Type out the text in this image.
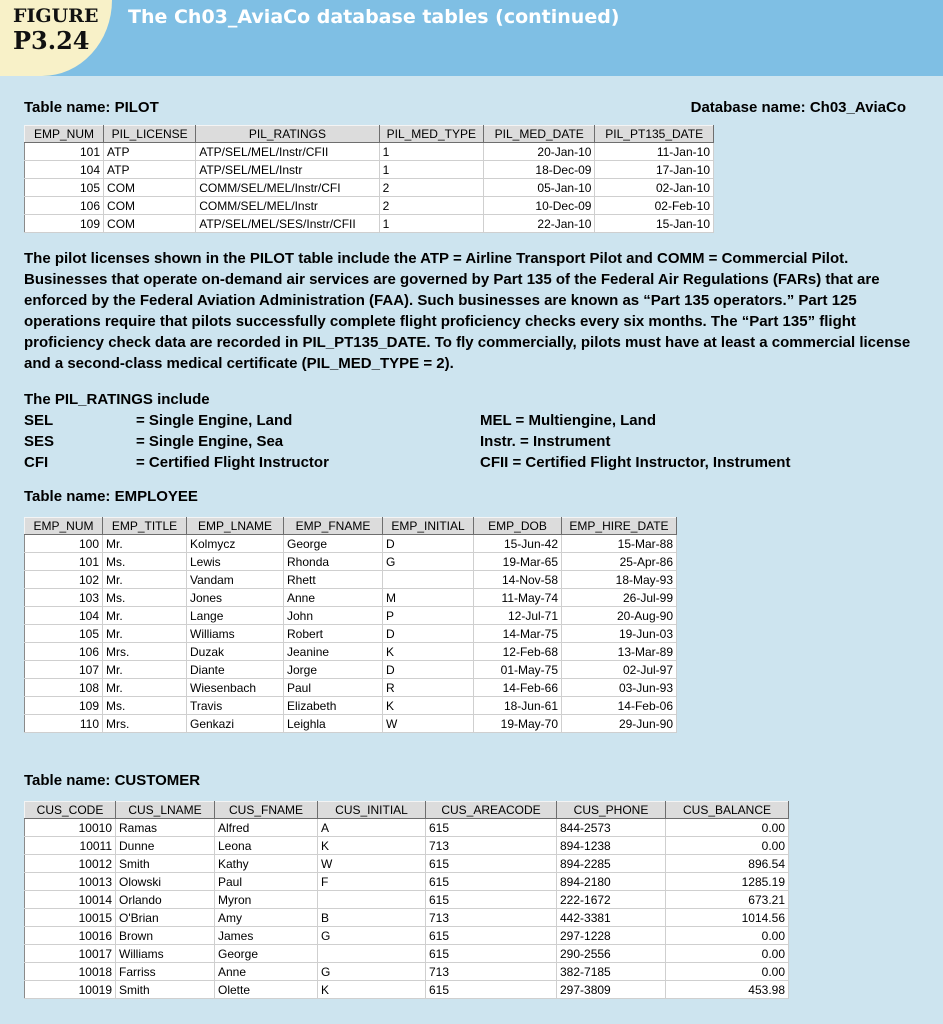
FIGURE
P3.24
The Ch03_AviaCo database tables (continued)
Table name: PILOT	Database name: Ch03_AviaCo
EMP_NUM	PIL_LICENSE	PIL_RATINGS	PIL_MED_TYPE	PIL_MED_DATE	PIL_PT135_DATE
101	ATP	ATP/SEL/MEL/Instr/CFII	1	20-Jan-10	11-Jan-10
104	ATP	ATP/SEL/MEL/Instr	1	18-Dec-09	17-Jan-10
105	COM	COMM/SEL/MEL/Instr/CFI	2	05-Jan-10	02-Jan-10
106	COM	COMM/SEL/MEL/Instr	2	10-Dec-09	02-Feb-10
109	COM	ATP/SEL/MEL/SES/Instr/CFII	1	22-Jan-10	15-Jan-10

The pilot licenses shown in the PILOT table include the ATP = Airline Transport Pilot and COMM = Commercial Pilot. Businesses that operate on-demand air services are governed by Part 135 of the Federal Air Regulations (FARs) that are enforced by the Federal Aviation Administration (FAA). Such businesses are known as “Part 135 operators.” Part 125 operations require that pilots successfully complete flight proficiency checks every six months. The “Part 135” flight proficiency check data are recorded in PIL_PT135_DATE. To fly commercially, pilots must have at least a commercial license and a second-class medical certificate (PIL_MED_TYPE = 2).

The PIL_RATINGS include
SEL	= Single Engine, Land	MEL = Multiengine, Land
SES	= Single Engine, Sea	Instr. = Instrument
CFI	= Certified Flight Instructor	CFII = Certified Flight Instructor, Instrument
Table name: EMPLOYEE
EMP_NUM	EMP_TITLE	EMP_LNAME	EMP_FNAME	EMP_INITIAL	EMP_DOB	EMP_HIRE_DATE
100	Mr.	Kolmycz	George	D	15-Jun-42	15-Mar-88
101	Ms.	Lewis	Rhonda	G	19-Mar-65	25-Apr-86
102	Mr.	Vandam	Rhett		14-Nov-58	18-May-93
103	Ms.	Jones	Anne	M	11-May-74	26-Jul-99
104	Mr.	Lange	John	P	12-Jul-71	20-Aug-90
105	Mr.	Williams	Robert	D	14-Mar-75	19-Jun-03
106	Mrs.	Duzak	Jeanine	K	12-Feb-68	13-Mar-89
107	Mr.	Diante	Jorge	D	01-May-75	02-Jul-97
108	Mr.	Wiesenbach	Paul	R	14-Feb-66	03-Jun-93
109	Ms.	Travis	Elizabeth	K	18-Jun-61	14-Feb-06
110	Mrs.	Genkazi	Leighla	W	19-May-70	29-Jun-90
Table name: CUSTOMER
CUS_CODE	CUS_LNAME	CUS_FNAME	CUS_INITIAL	CUS_AREACODE	CUS_PHONE	CUS_BALANCE
10010	Ramas	Alfred	A	615	844-2573	0.00
10011	Dunne	Leona	K	713	894-1238	0.00
10012	Smith	Kathy	W	615	894-2285	896.54
10013	Olowski	Paul	F	615	894-2180	1285.19
10014	Orlando	Myron		615	222-1672	673.21
10015	O'Brian	Amy	B	713	442-3381	1014.56
10016	Brown	James	G	615	297-1228	0.00
10017	Williams	George		615	290-2556	0.00
10018	Farriss	Anne	G	713	382-7185	0.00
10019	Smith	Olette	K	615	297-3809	453.98
